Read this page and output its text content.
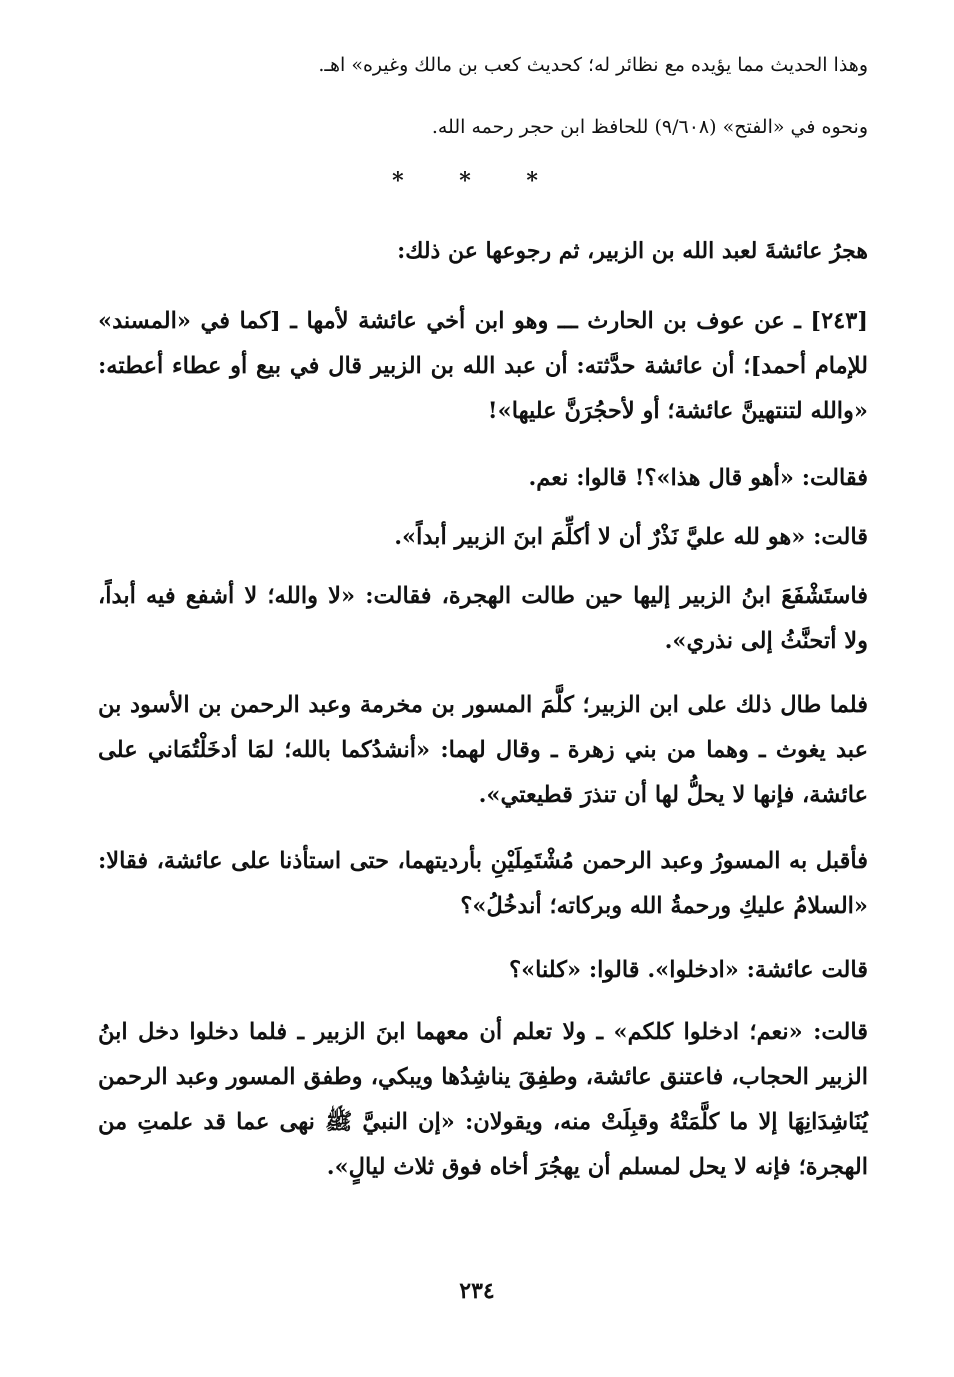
وهذا الحديث مما يؤيده مع نظائر له؛ كحديث كعب بن مالك وغيره» اهـ.
ونحوه في «الفتح» (٩/٦٠٨) للحافظ ابن حجر رحمه الله.
* * *
هجرُ عائشةَ لعبد الله بن الزبير، ثم رجوعها عن ذلك:

[٢٤٣] ـ عن عوف بن الحارث ـــ وهو ابن أخي عائشة لأمها ـ [كما في «المسند» للإمام أحمد]؛ أن عائشة حدَّثته: أن عبد الله بن الزبير قال في بيع أو عطاء أعطته: «والله لتنتهينَّ عائشة؛ أو لأحجُرَنَّ عليها»!

فقالت: «أهو قال هذا»؟! قالوا: نعم.

قالت: «هو لله عليَّ نَذْرٌ أن لا أكلِّمَ ابنَ الزبير أبداً».

فاستَشْفَعَ ابنُ الزبير إليها حين طالت الهجرة، فقالت: «لا والله؛ لا أشفع فيه أبداً، ولا أتحنَّثُ إلى نذري».

فلما طال ذلك على ابن الزبير؛ كلَّمَ المسور بن مخرمة وعبد الرحمن بن الأسود بن عبد يغوث ـ وهما من بني زهرة ـ وقال لهما: «أنشدُكما بالله؛ لمَا أدخَلْتُمَاني على عائشة، فإنها لا يحلُّ لها أن تنذرَ قطيعتي».

فأقبل به المسورُ وعبد الرحمن مُشْتَمِلَيْنِ بأرديتهما، حتى استأذنا على عائشة، فقالا: «السلامُ عليكِ ورحمةُ الله وبركاته؛ أندخُلُ»؟

قالت عائشة: «ادخلوا». قالوا: «كلنا»؟

قالت: «نعم؛ ادخلوا كلكم» ـ ولا تعلم أن معهما ابنَ الزبير ـ فلما دخلوا دخل ابنُ الزبير الحجاب، فاعتنق عائشة، وطفِقَ يناشِدُها ويبكي، وطفق المسور وعبد الرحمن يُنَاشِدَانِهَا إلا ما كلَّمَتْهُ وقبِلَتْ منه، ويقولان: «إن النبيَّ ﷺ نهى عما قد علمتِ من الهجرة؛ فإنه لا يحل لمسلم أن يهجُرَ أخاه فوق ثلاث ليالٍ».

٢٣٤
